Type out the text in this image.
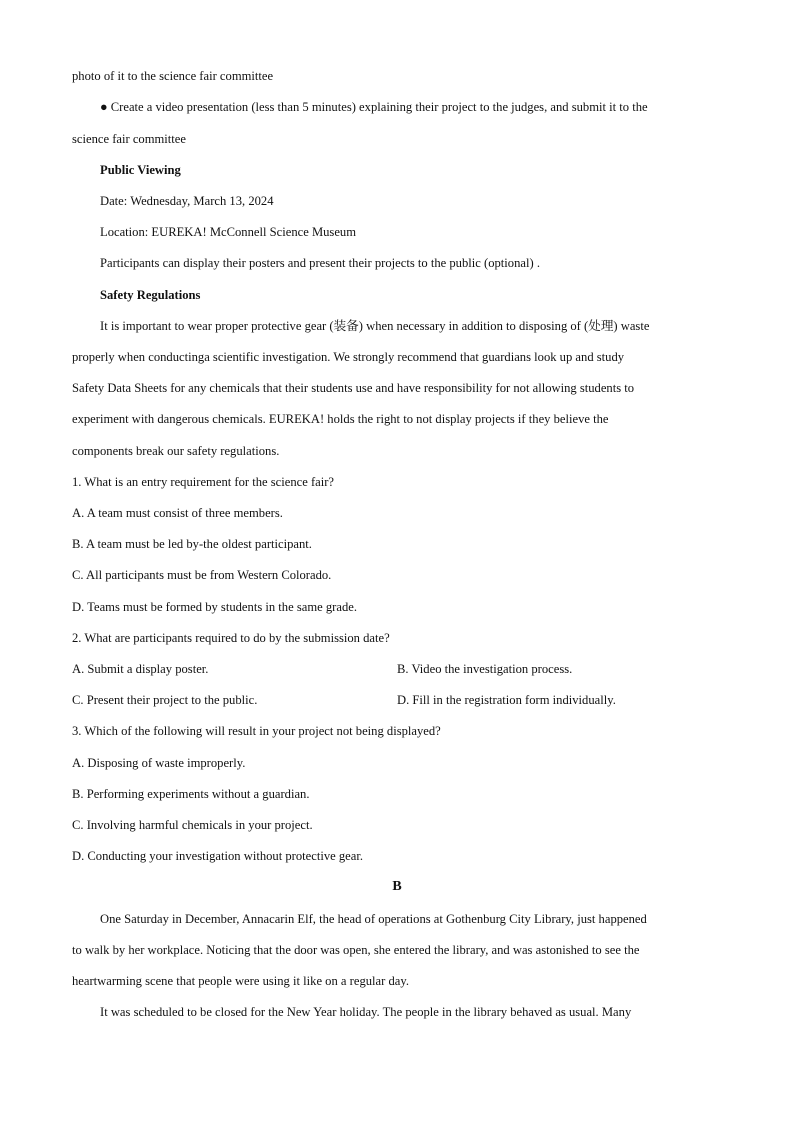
photo of it to the science fair committee
● Create a video presentation (less than 5 minutes) explaining their project to the judges, and submit it to the
science fair committee
Public Viewing
Date: Wednesday, March 13, 2024
Location: EUREKA! McConnell Science Museum
Participants can display their posters and present their projects to the public (optional) .
Safety Regulations
It is important to wear proper protective gear (装备) when necessary in addition to disposing of (处理) waste
properly when conductinga scientific investigation. We strongly recommend that guardians look up and study
Safety Data Sheets for any chemicals that their students use and have responsibility for not allowing students to
experiment with dangerous chemicals. EUREKA! holds the right to not display projects if they believe the
components break our safety regulations.
1. What is an entry requirement for the science fair?
A. A team must consist of three members.
B. A team must be led by-the oldest participant.
C. All participants must be from Western Colorado.
D. Teams must be formed by students in the same grade.
2. What are participants required to do by the submission date?
A. Submit a display poster.	B. Video the investigation process.
C. Present their project to the public.	D. Fill in the registration form individually.
3. Which of the following will result in your project not being displayed?
A. Disposing of waste improperly.
B. Performing experiments without a guardian.
C. Involving harmful chemicals in your project.
D. Conducting your investigation without protective gear.
B
One Saturday in December, Annacarin Elf, the head of operations at Gothenburg City Library, just happened
to walk by her workplace. Noticing that the door was open, she entered the library, and was astonished to see the
heartwarming scene that people were using it like on a regular day.
It was scheduled to be closed for the New Year holiday. The people in the library behaved as usual. Many
